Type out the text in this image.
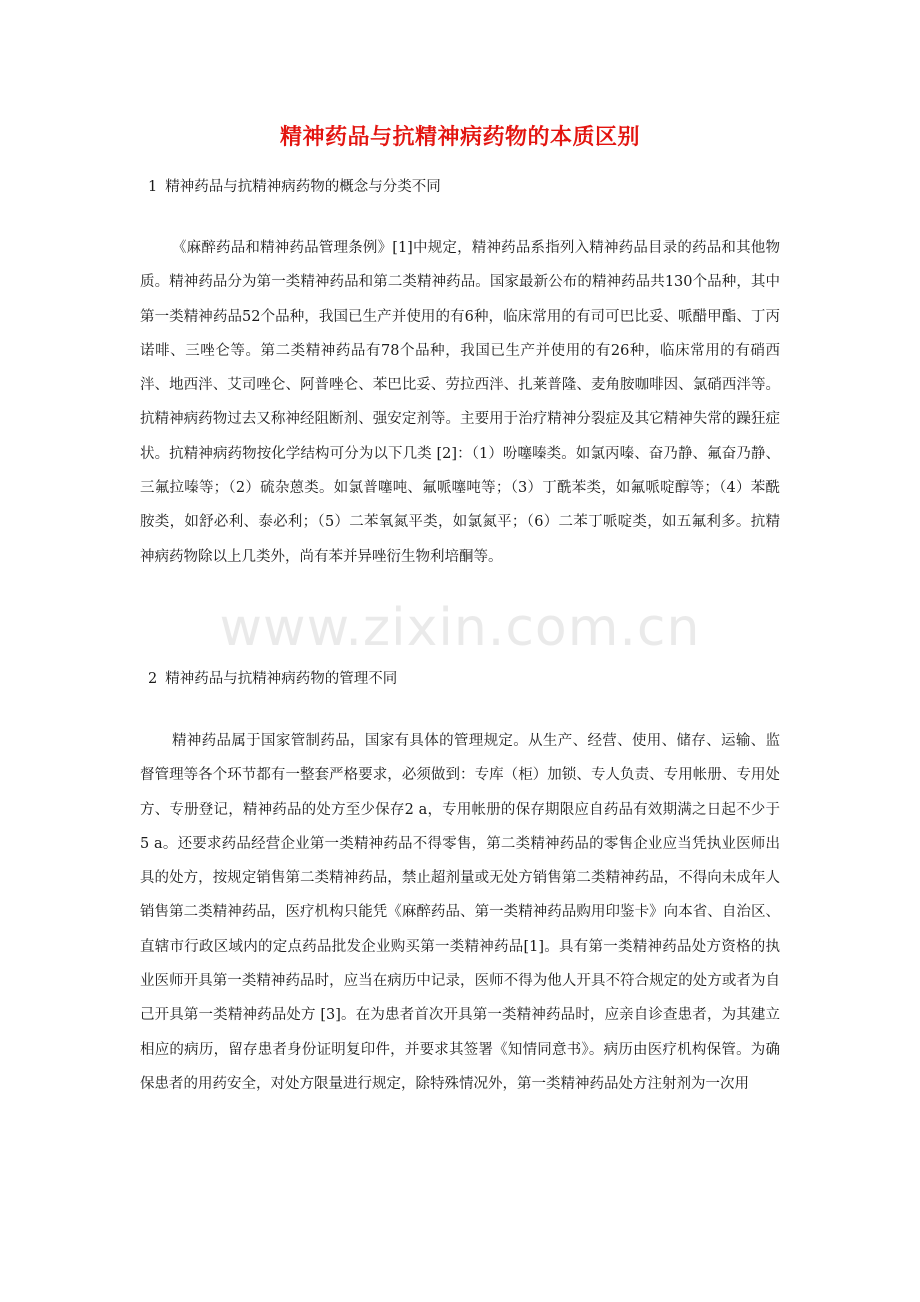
精神药品与抗精神病药物的本质区别
1 精神药品与抗精神病药物的概念与分类不同
《麻醉药品和精神药品管理条例》[1]中规定，精神药品系指列入精神药品目录的药品和其他物质。精神药品分为第一类精神药品和第二类精神药品。国家最新公布的精神药品共130个品种，其中第一类精神药品52个品种，我国已生产并使用的有6种，临床常用的有司可巴比妥、哌醋甲酯、丁丙诺啡、三唑仑等。第二类精神药品有78个品种，我国已生产并使用的有26种，临床常用的有硝西泮、地西泮、艾司唑仑、阿普唑仑、苯巴比妥、劳拉西泮、扎莱普隆、麦角胺咖啡因、氯硝西泮等。抗精神病药物过去又称神经阻断剂、强安定剂等。主要用于治疗精神分裂症及其它精神失常的躁狂症状。抗精神病药物按化学结构可分为以下几类 [2]：（1）吩噻嗪类。如氯丙嗪、奋乃静、氟奋乃静、三氟拉嗪等；（2）硫杂蒽类。如氯普噻吨、氟哌噻吨等；（3）丁酰苯类，如氟哌啶醇等；（4）苯酰胺类，如舒必利、泰必利；（5）二苯氧氮平类，如氯氮平；（6）二苯丁哌啶类，如五氟利多。抗精神病药物除以上几类外，尚有苯并异唑衍生物利培酮等。
www.zixin.com.cn
2 精神药品与抗精神病药物的管理不同
精神药品属于国家管制药品，国家有具体的管理规定。从生产、经营、使用、储存、运输、监督管理等各个环节都有一整套严格要求，必须做到：专库（柜）加锁、专人负责、专用帐册、专用处方、专册登记，精神药品的处方至少保存2 a，专用帐册的保存期限应自药品有效期满之日起不少于5 a。还要求药品经营企业第一类精神药品不得零售，第二类精神药品的零售企业应当凭执业医师出具的处方，按规定销售第二类精神药品，禁止超剂量或无处方销售第二类精神药品，不得向未成年人销售第二类精神药品，医疗机构只能凭《麻醉药品、第一类精神药品购用印鉴卡》向本省、自治区、直辖市行政区域内的定点药品批发企业购买第一类精神药品[1]。具有第一类精神药品处方资格的执业医师开具第一类精神药品时，应当在病历中记录，医师不得为他人开具不符合规定的处方或者为自己开具第一类精神药品处方 [3]。在为患者首次开具第一类精神药品时，应亲自诊查患者，为其建立相应的病历，留存患者身份证明复印件，并要求其签署《知情同意书》。病历由医疗机构保管。为确保患者的用药安全，对处方限量进行规定，除特殊情况外，第一类精神药品处方注射剂为一次用
